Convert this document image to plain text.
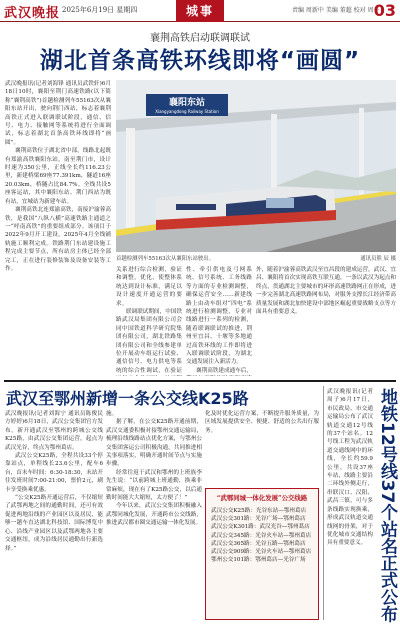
武汉晚报 2025年6月19日 星期四	城事	责编 周新中 美编 董超 校对 周子
03
襄荆高铁启动联调联试
湖北首条高铁环线即将“画圆”

武汉晚报讯(记者刘海锋 通讯员武铁轩)6月18日10时，襄阳至荆门高速铁路(以下简称“襄荆高铁”)首趟检测列车55163次从襄阳东站开出，驶向荆门西站，标志着襄荆高铁正式进入联调联试阶段，通信、信号、电力、接触网等系统将进行全面调试，标志着湖北首条高铁环线即将“画圆”。

襄荆高铁位于湖北省中部，线路北起既有郑渝高铁襄阳东站，南至荆门市，设计时速为350公里，正线全长约116.23公里，新建桥梁69座77.391km，隧道16座20.03km，桥隧占比84.7%。全线共设5座客运站，其中襄阳东站、荆门西站为既有站，宜城站为新建车站。

襄荆高铁北连郑渝高铁，南接沪渝蓉高铁，是我国“八纵八横”高速铁路主通道之一“呼南高铁”的重要组成部分。该项目于2022年9月开工建设，2025年4月全线铺轨施工顺利完成。铁路荆门东站建设施工程完成主要节点，所有站房主体已经全部完工，正在进行装修装饰及设备安装等工作。

襄阳东站
Xiangyangdong Railway Station
首趟检测列车55163次从襄阳东站驶出。	通讯员熊 辰 摄

关系进行综合检测，验证和调整，优化，使整体系统达到设计标准，满足以设计速度开通运营的要求。

联调联试期间，中国铁路武汉局集团有限公司会同中国铁道科学研究院集团有限公司，湖北铁路集团有限公司和全线参建单位开展动车组运行试验、通信信号、电力供电等系统的综合性调试，在验证

性、牵引供电及弓网系统、信号系统、工务线路等方面的专业检测调整，确保运营安全……新建线路上由动车组对“四电”系统进行检测调整，专业对线路进行一系列的检测，随着联调联试的推进，荆州至宜昌、十堰等多地通过高铁环线的工作即将进入联调联试阶段，为湖北交通发展注入新活力。

襄荆高铁建成通车后，

外，随着沪渝蓉高铁武汉至宜昌段的建成运营，武汉、宜昌、襄阳将首次实现高铁互联互通，一条以武汉为起点和终点，贯通湖北主要城市的环形高速铁路网正在形成，进一步完善湖北高速铁路网布局，对服务支撑长江经济带高质量发展和湖北加快建设中部地区崛起重要战略支点等方面具有重要意义。

武汉至鄂州新增一条公交线K25路

武汉晚报讯(记者刘海宁 通讯员陈俊民 方婷婷)6月18日，武汉公交集团官方发布，新开通武汉至鄂州的跨城公交线K25路，由武汉公交集团运营，起点为武汉光谷，终点为鄂州葛店。

武汉公交K25路，全程共设33个停靠站点，单程线长23.6公里，配车6台，首末车时间：6:30-18:30，末站开往发班时间7:00-21:00，票价2元，刷卡享受换乘优惠。

“公交K25路开通运营后，不仅缩短了武鄂两地之间的通勤时间，还可有效促进两地沿线的产业园区以及居民，能够一趟车直达湖北科技馆、国际博览中心、沿线产业园区以及武鄂两地各主要交通枢纽，成为沿线居民通勤出行新选择。”

施。

据了解，在公交K25路开通前期，武汉交通委积极对接鄂州交通运输局，梳理沿线线路站点优化方案，与鄂州公交集团客运公司积极沟通，共同推进相关事项落实，明确开通时间节点与实施步骤。

经常往返于武汉和鄂州的上班族李先生说：“以前跨城上班通勤，换乘非常麻烦，现在有了K25路公交，以后通勤时间能大大缩短，太方便了！”

今年以来，武汉公交集团积极融入武鄂同城化发展，开通跨市公交线路，推进武汉都市圈交通运输一体化发展。

化及时优化运营方案，不断提升服务质量，为区域发展提供安全、便捷、舒适的公共出行服务。

“武鄂同城一体化发展”公交线路
武汉公交K25路：光谷东站—鄂州葛店
武汉公交301路：光谷广场—鄂州葛店
武汉公交K301路：武汉光谷—鄂州葛店
武汉公交345路：光谷火车站—鄂州葛店
武汉公交365路：光谷五路—鄂州葛店
武汉公交909路：光谷火车站—鄂州葛店
鄂州公交101路：鄂州葛店—光谷广场

武汉晚报讯(记者周子)6月17日，市民政局、市交通运输局公布了武汉轨道交通12号线的37个站名。12号线工程为武汉轨道交通线网中的环线，全长约59.9公里，共设37座车站，线路主要沿二环线外侧走行，串联汉口、汉阳、武昌三镇，可与多条线路实现换乘，形成武汉轨道交通线网的骨架，对于优化城市交通结构具有重要意义。 地铁12号线37个站名正式公布
